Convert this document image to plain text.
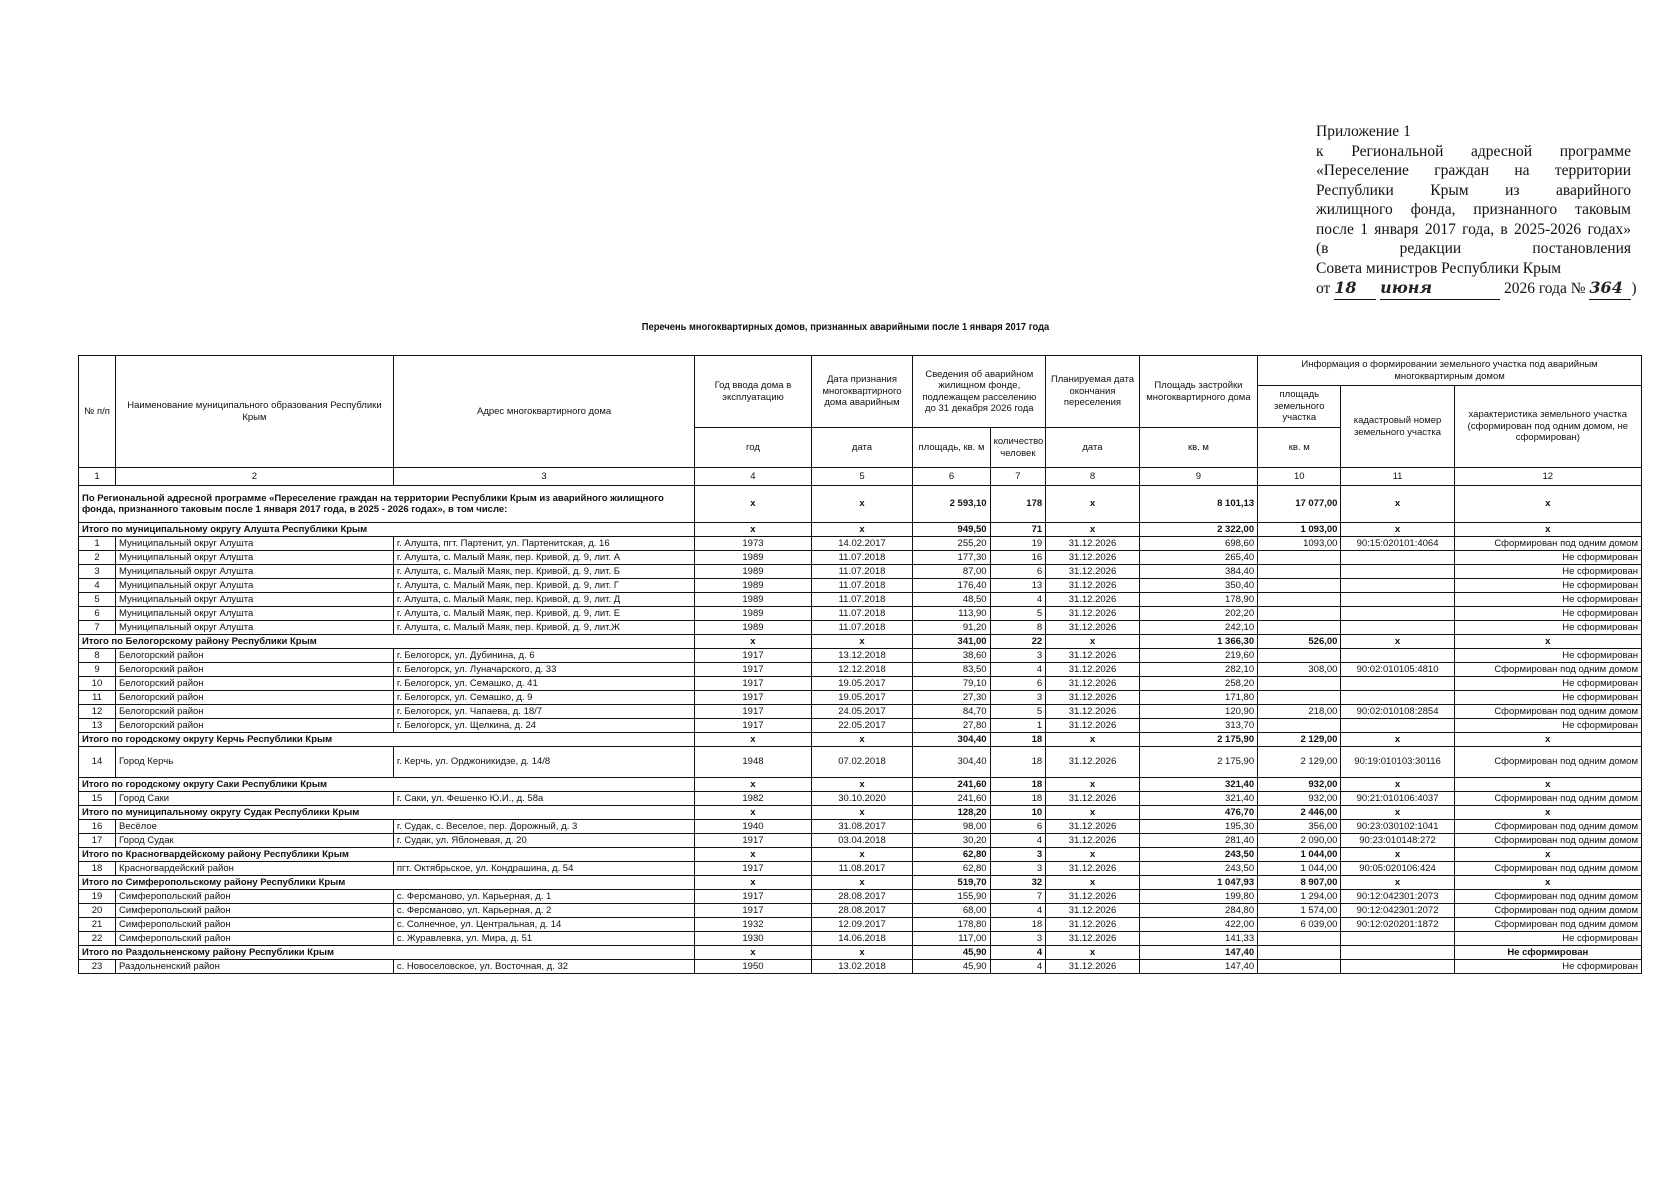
Приложение 1
к Региональной адресной программе
«Переселение граждан на территории
Республики Крым из аварийного
жилищного фонда, признанного таковым
после 1 января 2017 года, в 2025-2026 годах»
(в редакции постановления
Совета министров Республики Крым
от 18 июня	2026 года № 364 )
Перечень многоквартирных домов, признанных аварийными после 1 января 2017 года
№ п/п	Наименование муниципального образования Республики Крым	Адрес многоквартирного дома	Год ввода дома в эксплуатацию	Дата признания многоквартирного дома аварийным	Сведения об аварийном жилищном фонде, подлежащем расселению до 31 декабря 2026 года		Планируемая дата окончания переселения	Площадь застройки многоквартирного дома	Информация о формировании земельного участка под аварийным многоквартирным домом		
									площадь земельного участка	кадастровый номер земельного участка	характеристика земельного участка (сформирован под одним домом, не сформирован)
			год	дата	площадь, кв. м	количество человек	дата	кв. м	кв. м		
1	2	3	4	5	6	7	8	9	10	11	12
По Региональной адресной программе «Переселение граждан на территории Республики Крым из аварийного жилищного фонда, признанного таковым после 1 января 2017 года, в 2025 - 2026 годах», в том числе:			х	х	2 593,10	178	х	8 101,13	17 077,00	х	х
Итого по муниципальному округу Алушта Республики Крым			х	х	949,50	71	х	2 322,00	1 093,00	х	х
1	Муниципальный округ Алушта	г. Алушта, пгт. Партенит, ул. Партенитская, д. 16	1973	14.02.2017	255,20	19	31.12.2026	698,60	1093,00	90:15:020101:4064	Сформирован под одним домом
2	Муниципальный округ Алушта	г. Алушта, с. Малый Маяк, пер. Кривой, д. 9, лит. А	1989	11.07.2018	177,30	16	31.12.2026	265,40			Не сформирован
3	Муниципальный округ Алушта	г. Алушта, с. Малый Маяк, пер. Кривой, д. 9, лит. Б	1989	11.07.2018	87,00	6	31.12.2026	384,40			Не сформирован
4	Муниципальный округ Алушта	г. Алушта, с. Малый Маяк, пер. Кривой, д. 9, лит. Г	1989	11.07.2018	176,40	13	31.12.2026	350,40			Не сформирован
5	Муниципальный округ Алушта	г. Алушта, с. Малый Маяк, пер. Кривой, д. 9, лит. Д	1989	11.07.2018	48,50	4	31.12.2026	178,90			Не сформирован
6	Муниципальный округ Алушта	г. Алушта, с. Малый Маяк, пер. Кривой, д. 9, лит. Е	1989	11.07.2018	113,90	5	31.12.2026	202,20			Не сформирован
7	Муниципальный округ Алушта	г. Алушта, с. Малый Маяк, пер. Кривой, д. 9, лит.Ж	1989	11.07.2018	91,20	8	31.12.2026	242,10			Не сформирован
Итого по Белогорскому району Республики Крым			х	х	341,00	22	х	1 366,30	526,00	х	х
8	Белогорский район	г. Белогорск, ул. Дубинина, д. 6	1917	13.12.2018	38,60	3	31.12.2026	219,60			Не сформирован
9	Белогорский район	г. Белогорск, ул. Луначарского, д. 33	1917	12.12.2018	83,50	4	31.12.2026	282,10	308,00	90:02:010105:4810	Сформирован под одним домом
10	Белогорский район	г. Белогорск, ул. Семашко, д. 41	1917	19.05.2017	79,10	6	31.12.2026	258,20			Не сформирован
11	Белогорский район	г. Белогорск, ул. Семашко, д. 9	1917	19.05.2017	27,30	3	31.12.2026	171,80			Не сформирован
12	Белогорский район	г. Белогорск, ул. Чапаева, д. 18/7	1917	24.05.2017	84,70	5	31.12.2026	120,90	218,00	90:02:010108:2854	Сформирован под одним домом
13	Белогорский район	г. Белогорск, ул. Щелкина, д. 24	1917	22.05.2017	27,80	1	31.12.2026	313,70			Не сформирован
Итого по городскому округу Керчь Республики Крым			х	х	304,40	18	х	2 175,90	2 129,00	х	х
14	Город Керчь	г. Керчь, ул. Орджоникидзе, д. 14/8	1948	07.02.2018	304,40	18	31.12.2026	2 175,90	2 129,00	90:19:010103:30116	Сформирован под одним домом
Итого по городскому округу Саки Республики Крым			х	х	241,60	18	х	321,40	932,00	х	х
15	Город Саки	г. Саки, ул. Фешенко Ю.И., д. 58а	1982	30.10.2020	241,60	18	31.12.2026	321,40	932,00	90:21:010106:4037	Сформирован под одним домом
Итого по муниципальному округу Судак Республики Крым			х	х	128,20	10	х	476,70	2 446,00	х	х
16	Весёлое	г. Судак, с. Веселое, пер. Дорожный, д. 3	1940	31.08.2017	98,00	6	31.12.2026	195,30	356,00	90:23:030102:1041	Сформирован под одним домом
17	Город Судак	г. Судак, ул. Яблоневая, д. 20	1917	03.04.2018	30,20	4	31.12.2026	281,40	2 090,00	90:23:010148:272	Сформирован под одним домом
Итого по Красногвардейскому району Республики Крым			х	х	62,80	3	х	243,50	1 044,00	х	х
18	Красногвардейский район	пгт. Октябрьское, ул. Кондрашина, д. 54	1917	11.08.2017	62,80	3	31.12.2026	243,50	1 044,00	90:05:020106:424	Сформирован под одним домом
Итого по Симферопольскому району Республики Крым			х	х	519,70	32	х	1 047,93	8 907,00	х	х
19	Симферопольский район	с. Ферсманово, ул. Карьерная, д. 1	1917	28.08.2017	155,90	7	31.12.2026	199,80	1 294,00	90:12:042301:2073	Сформирован под одним домом
20	Симферопольский район	с. Ферсманово, ул. Карьерная, д. 2	1917	28.08.2017	68,00	4	31.12.2026	284,80	1 574,00	90:12:042301:2072	Сформирован под одним домом
21	Симферопольский район	с. Солнечное, ул. Центральная, д. 14	1932	12.09.2017	178,80	18	31.12.2026	422,00	6 039,00	90:12:020201:1872	Сформирован под одним домом
22	Симферопольский район	с. Журавлевка, ул. Мира, д. 51	1930	14.06.2018	117,00	3	31.12.2026	141,33			Не сформирован
Итого по Раздольненскому району Республики Крым			х	х	45,90	4	х	147,40			Не сформирован
23	Раздольненский район	с. Новоселовское, ул. Восточная, д. 32	1950	13.02.2018	45,90	4	31.12.2026	147,40			Не сформирован
